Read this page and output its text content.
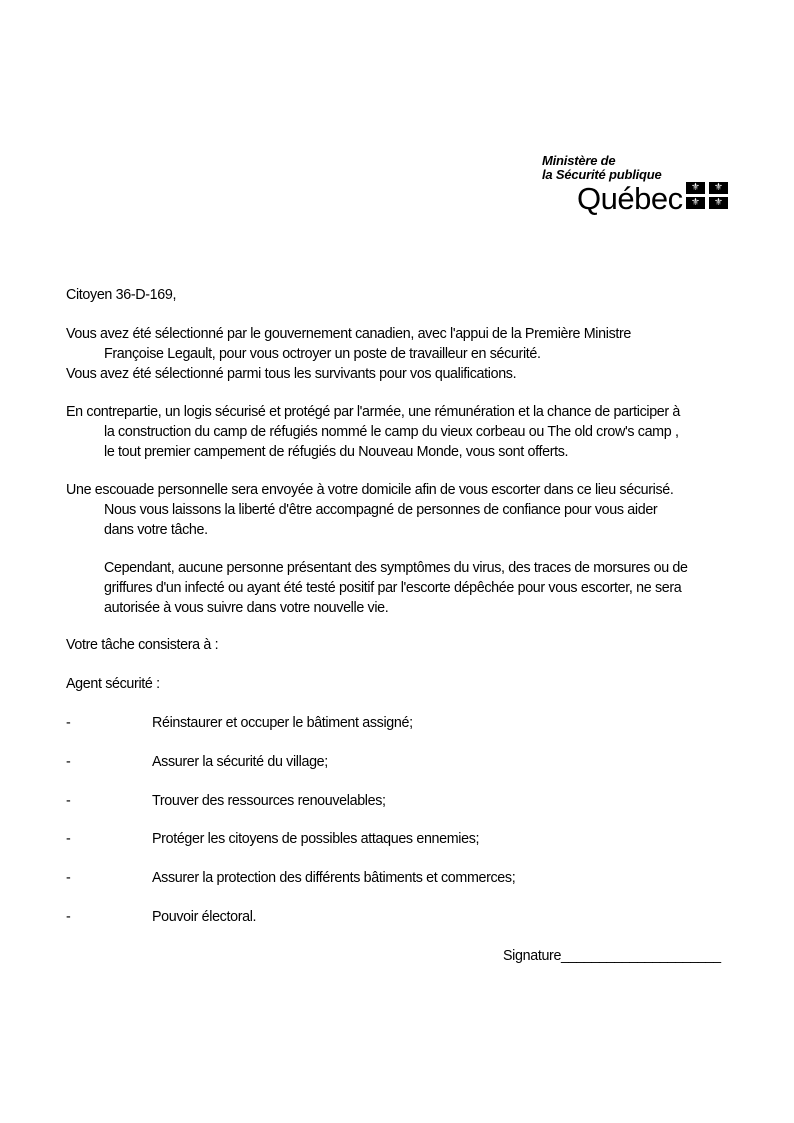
Ministère de
la Sécurité publique
Québec ⚜	⚜
⚜	⚜
Citoyen 36-D-169,
Vous avez été sélectionné par le gouvernement canadien, avec l'appui de la Première Ministre
Françoise Legault, pour vous octroyer un poste de travailleur en sécurité.
Vous avez été sélectionné parmi tous les survivants pour vos qualifications.
En contrepartie, un logis sécurisé et protégé par l'armée, une rémunération et la chance de participer à
la construction du camp de réfugiés nommé le camp du vieux corbeau ou The old crow's camp ,
le tout premier campement de réfugiés du Nouveau Monde, vous sont offerts.
Une escouade personnelle sera envoyée à votre domicile afin de vous escorter dans ce lieu sécurisé.
Nous vous laissons la liberté d'être accompagné de personnes de confiance pour vous aider
dans votre tâche.
Cependant, aucune personne présentant des symptômes du virus, des traces de morsures ou de
griffures d'un infecté ou ayant été testé positif par l'escorte dépêchée pour vous escorter, ne sera
autorisée à vous suivre dans votre nouvelle vie.
Votre tâche consistera à :
Agent sécurité :
-	Réinstaurer et occuper le bâtiment assigné;
-	Assurer la sécurité du village;
-	Trouver des ressources renouvelables;
-	Protéger les citoyens de possibles attaques ennemies;
-	Assurer la protection des différents bâtiments et commerces;
-	Pouvoir électoral.
Signature_____________________
